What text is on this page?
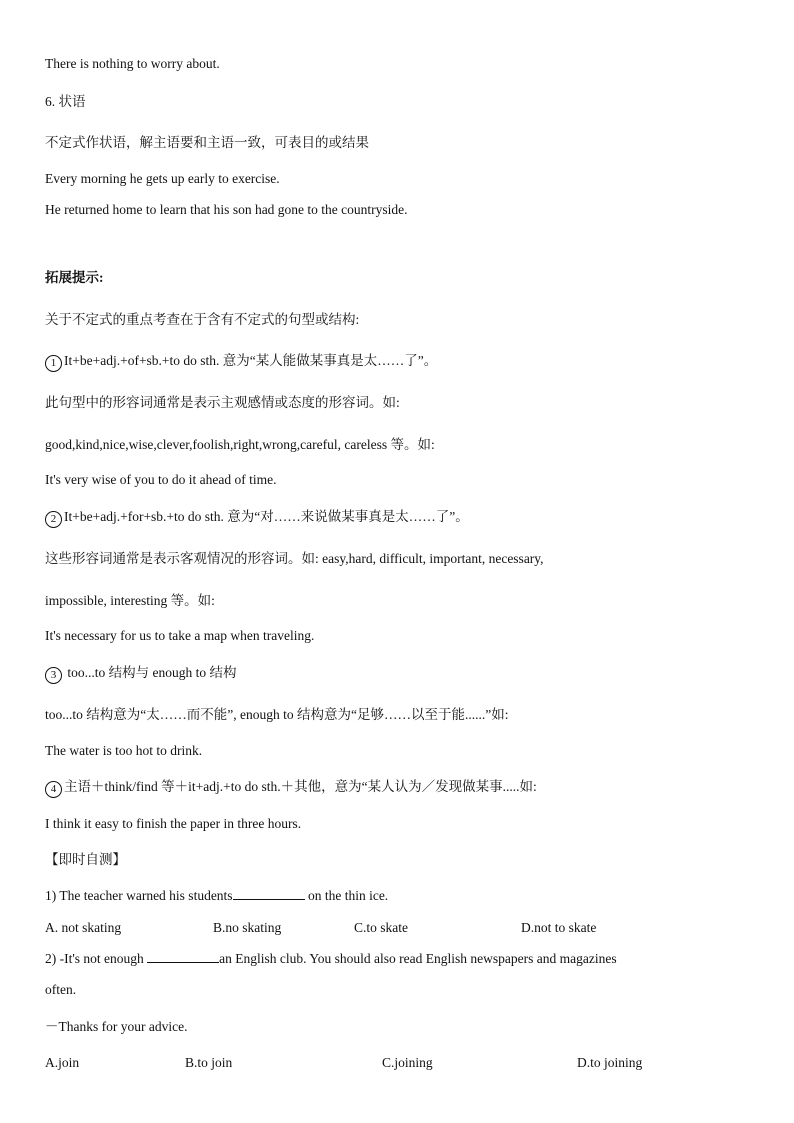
There is nothing to worry about.
6. 状语
不定式作状语，解主语要和主语一致，可表目的或结果
Every morning he gets up early to exercise.
He returned home to learn that his son had gone to the countryside.
拓展提示:
关于不定式的重点考查在于含有不定式的句型或结构:
1 It+be+adj.+of+sb.+to do sth. 意为“某人能做某事真是太……了”。
此句型中的形容词通常是表示主观感情或态度的形容词。如:
good,kind,nice,wise,clever,foolish,right,wrong,careful, careless 等。如:
It's very wise of you to do it ahead of time.
2 It+be+adj.+for+sb.+to do sth. 意为“对……来说做某事真是太……了”。
这些形容词通常是表示客观情况的形容词。如: easy,hard, difficult, important, necessary,
impossible, interesting 等。如:
It's necessary for us to take a map when traveling.
3 too...to 结构与 enough to 结构
too...to 结构意为“太……而不能”, enough to 结构意为“足够……以至于能......”如:
The water is too hot to drink.
4 主语＋think/find 等＋it+adj.+to do sth.＋其他，意为“某人认为／发现做某事.....如:
I think it easy to finish the paper in three hours.
【即时自测】
1) The teacher warned his students	on the thin ice.
A. not skating	B.no skating	C.to skate	D.not to skate
2) -It's not enough	an English club. You should also read English newspapers and magazines
often.
－Thanks for your advice.
A.join	B.to join	C.joining	D.to joining
